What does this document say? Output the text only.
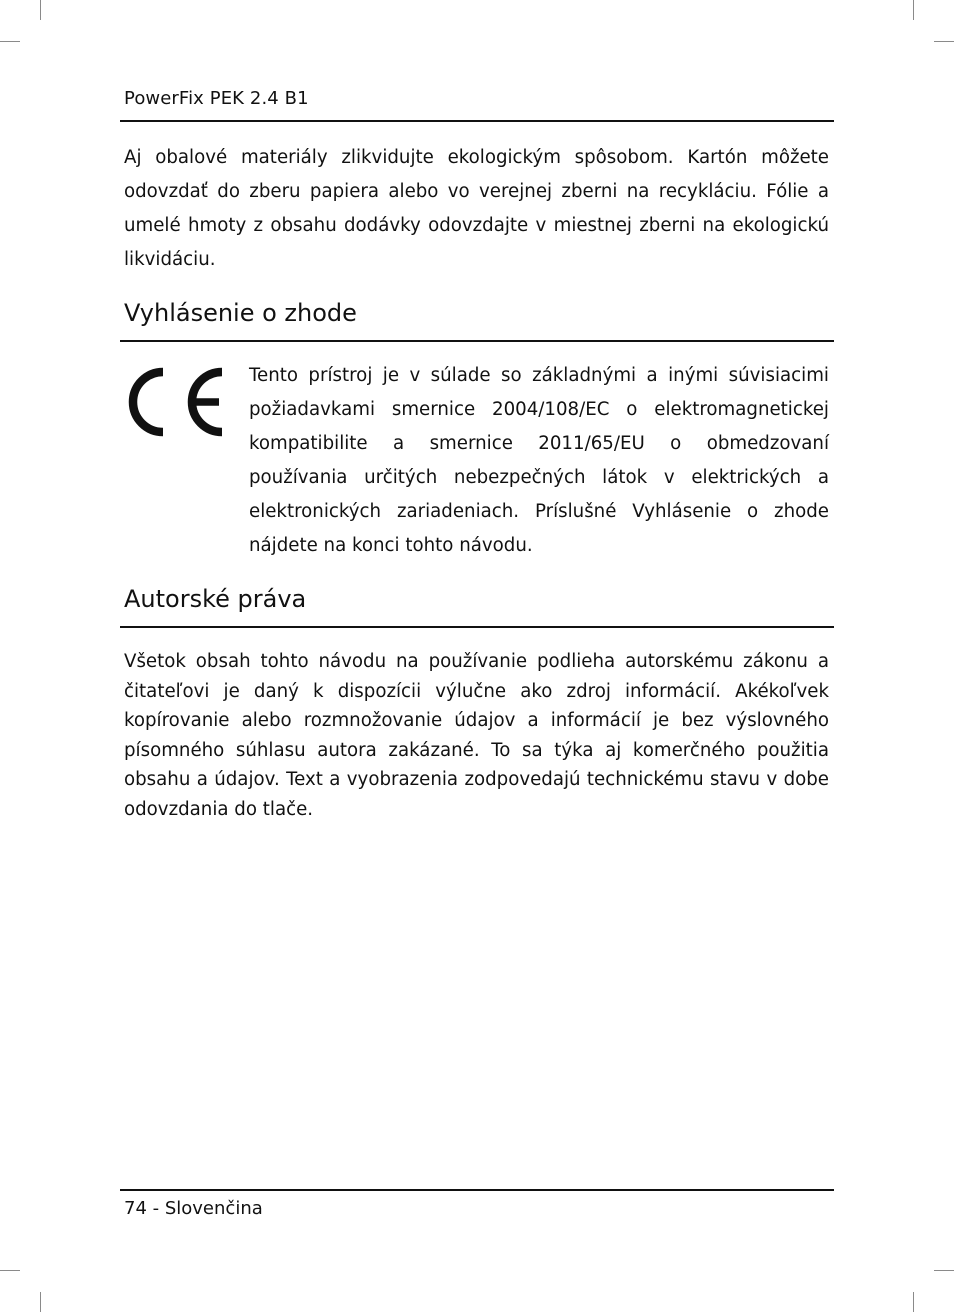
PowerFix PEK 2.4 B1

Aj obalové materiály zlikvidujte ekologickým spôsobom. Kartón môžete odovzdať do zberu papiera alebo vo verejnej zberni na recykláciu. Fólie a umelé hmoty z obsahu dodávky odovzdajte v miestnej zberni na ekologickú likvidáciu.

Vyhlásenie o zhode

Tento prístroj je v súlade so základnými a inými súvisiacimi požiadavkami smernice 2004/108/EC o elektromagnetickej kompatibilite a smernice 2011/65/EU o obmedzovaní používania určitých nebezpečných látok v elektrických a elektronických zariadeniach. Príslušné Vyhlásenie o zhode nájdete na konci tohto návodu.

Autorské práva

Všetok obsah tohto návodu na používanie podlieha autorskému zákonu a čitateľovi je daný k dispozícii výlučne ako zdroj informácií. Akékoľvek kopírovanie alebo rozmnožovanie údajov a informácií je bez výslovného písomného súhlasu autora zakázané. To sa týka aj komerčného použitia obsahu a údajov. Text a vyobrazenia zodpovedajú technickému stavu v dobe odovzdania do tlače.

74 - Slovenčina
